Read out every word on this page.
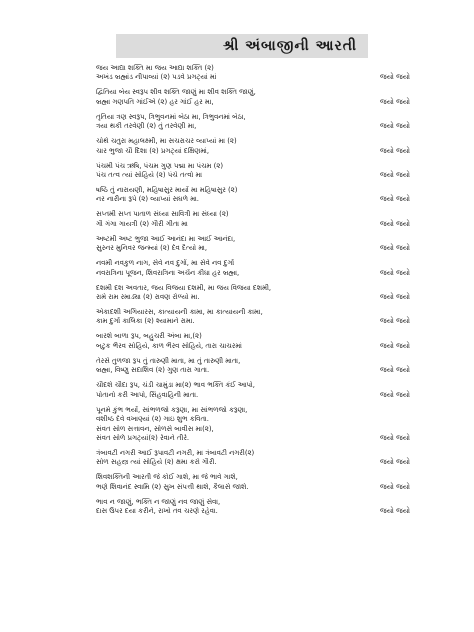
શ્રી અંબાજીની આરતી
જય આદ્યા શક્તિ મા જય આદ્યા શક્તિ (૨)
અખંડ બ્રહ્માંડ નીપાવ્યાં (૨) પડવે પ્રગટ્યાં માં	જયો જયો
દ્વિતિયા બેય સ્વરૂપ શીવ શક્તિ જાણું મા શીવ શક્તિ જાણું,
બ્રહ્મા ગણપતિ ગાંઈએ (૨) હર ગાંઈ હર મા,	જયો જયો
તૃતિયા ત્રણ સ્વરૂપ, ત્રિભુવનમાં બેઠા મા, ત્રિભુવનમાં બેઠા,
ત્રયા થકી તરવેણી (૨) તું તરવેણી મા,	જયો જયો
ચોથે ચતુરા મહાલક્ષ્મી, મા સચરાચર વ્યાપ્યાં મા (૨)
ચાર ભુજા ચૌ દિશા (૨) પ્રગટ્યાં દક્ષિણમાં,	જયો જયો
પંચમી પંચ ઋષિ, પંચમ ગુણ પદ્મા મા પંચમ (૨)
પંચ તત્વ ત્યાં સોહિયે (૨) પંચે તત્વો મા	જયો જયો
ષષ્ઠિ તું નારાયણી, મહિષાસુર માર્યો મા મહિષાસુર (૨)
નર નારીના રૂપે (૨) વ્યાપ્યાં સઘળે મા.	જયો જયો
સપ્તમી સપ્ત પાતાળ સંધ્યા સાવિત્રી મા સંધ્યા (૨)
ગૌ ગંગા ગાયત્રી (૨) ગૌરી ગીતા મા	જયો જયો
અષ્ટમી અષ્ટ ભુજા આઈ આનંદા મા આઈ આનંદા,
સુરનર મુનિવર જન્મ્યાં (૨) દેવ દૈત્યો મા,	જયો જયો
નવમી નવકુળ નાગ, સેવે નવ દુર્ગા, મા સેવે નવ દુર્ગા
નવરાત્રિના પૂજન, શિવરાત્રિના અર્ચન કીધા હર બ્રહ્મા,	જયો જયો
દશમી દશ અવતાર, જય વિજયા દશમી, મા જય વિજયા દશમી,
રામે રામ રમાડ્યા (૨) રાવણ રોળ્યો મા.	જયો જયો
એકાદશી અગિયારસ, કાત્યાયની કામા, મા કાત્યાયની કામા,
કામ દુર્ગા કાલિકા (૨) શ્યામાને રામા.	જયો જયો
બારશે બાળા રૂપ, બહુચરી અંબા મા,(૨)
બટુક ભૈરવ સોહિયે, કાળ ભૈરવ સોહિયે, તારા ચાચરમાં	જયો જયો
તેરસે તુળજા રૂપ તું તારુણી માતા, મા તું તારુણી માતા,
બ્રહ્મા, વિષ્ણુ સદાશિવ (૨) ગુણ તારા ગાતા.	જયો જયો
ચૌદશે ચૌદા રૂપ, ચંડી ચામુંડા મા(૨) ભાવ ભક્તિ કંઈ આપો,
પોતાનો કરી આપો, સિંહવાહિની માતા.	જયો જયો
પૂનમે કુંભ ભર્યો, સાંભળજો કરૂણા, મા સાંભળજો કરૂણા,
વશીષ્ઠ દેવે વખાણ્યાં (૨) ગાઇ શુભ કવિતા.
સંવત સોળ સત્તાવન, સોળસે બાવીસ મા(૨),
સંવત સોળે પ્રગટ્યાં(૨) રેવાને તીરે.	જયો જયો
ત્રંબાવટી નગરી આઈ રૂપાવટી નગરી, મા ત્રંબાવટી નગરી(૨)
સોળ સહસ્ત્ર ત્યાં સોહિયે (૨) ક્ષમા કરો ગૌરી.	જયો જયો
શિવશક્તિની આરતી જે કોઈ ગાશે, મા જે ભાવે ગાશે,
ભણે શિવાનંદ સ્વામિ (૨) સુખ સંપત્તી થાશે, કૈલાસે જાશે.	જયો જયો
ભાવ ન જાણું, ભક્તિ ન જાણું નવ જાણું સેવા,
દાસ ઉપર દયા કરીને, રાખો તવ ચરણે રહેવા.	જયો જયો
